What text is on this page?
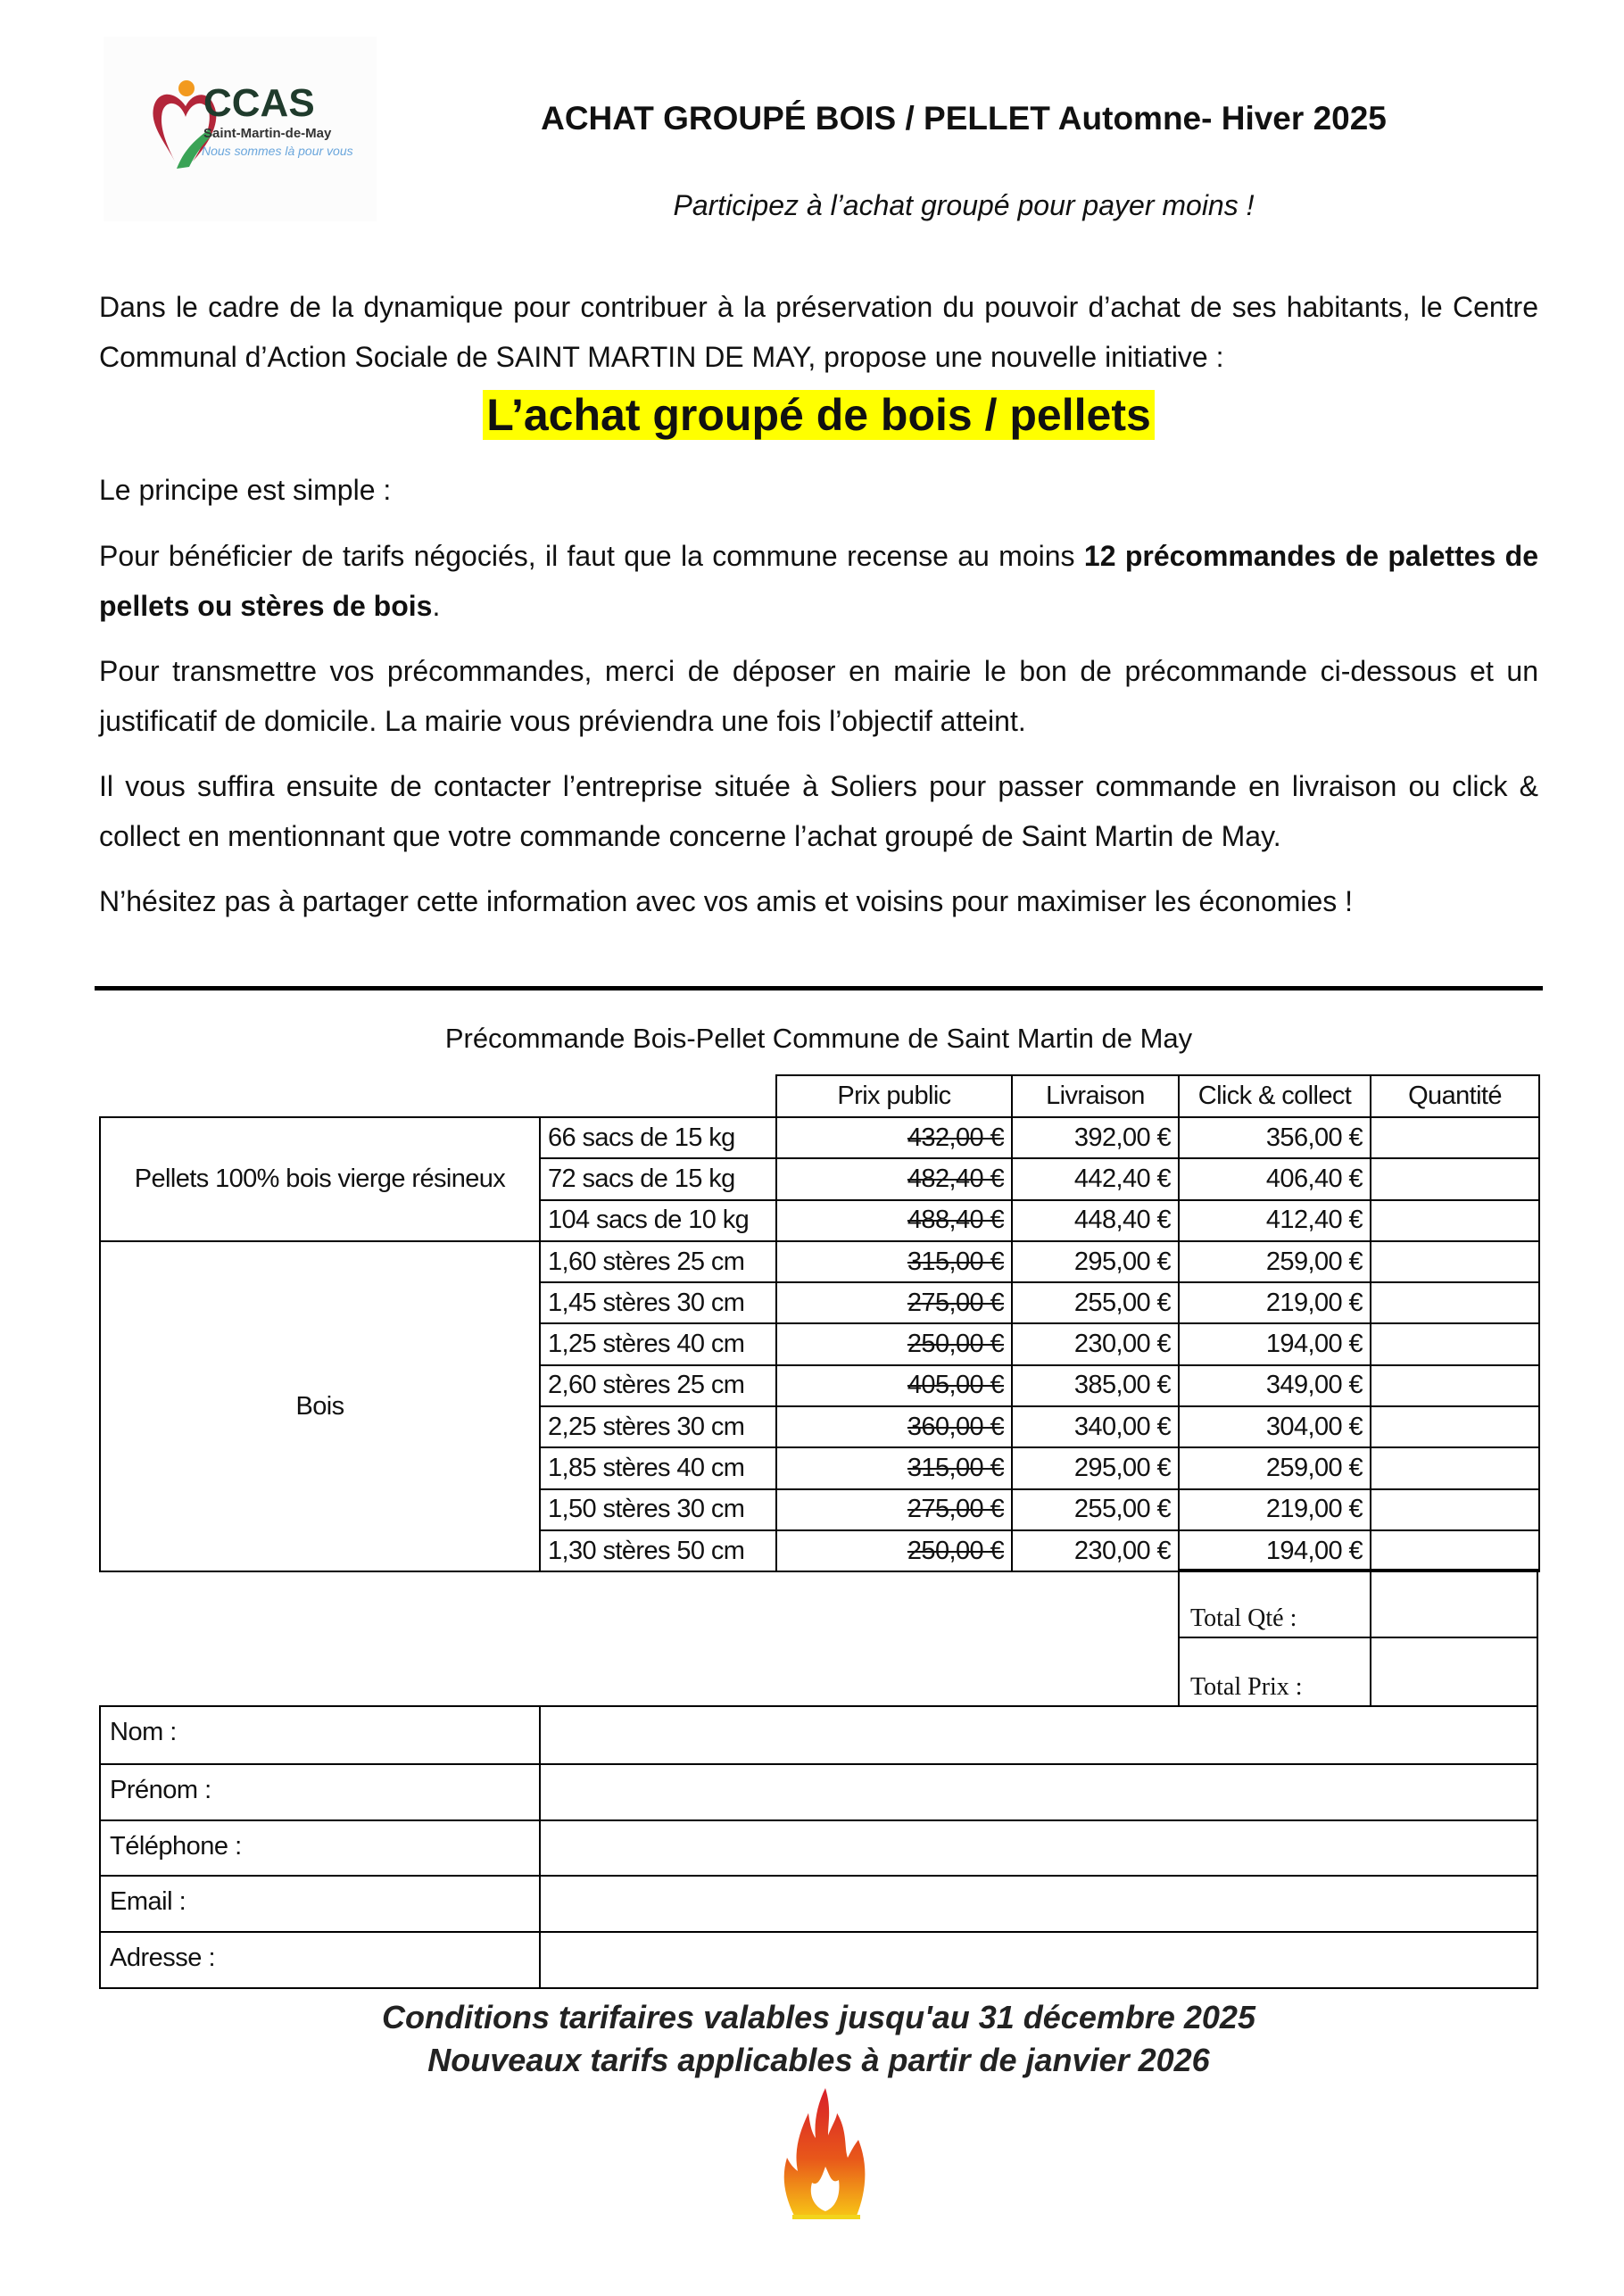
CCAS
Saint-Martin-de-May
Nous sommes là pour vous
ACHAT GROUPÉ BOIS / PELLET Automne- Hiver 2025
Participez à l’achat groupé pour payer moins !
Dans le cadre de la dynamique pour contribuer à la préservation du pouvoir d’achat de ses habitants, le Centre Communal d’Action Sociale de SAINT MARTIN DE MAY, propose une nouvelle initiative :
L’achat groupé de bois / pellets
Le principe est simple :
Pour bénéficier de tarifs négociés, il faut que la commune recense au moins 12 précommandes de palettes de pellets ou stères de bois.
Pour transmettre vos précommandes, merci de déposer en mairie le bon de précommande ci-dessous et un justificatif de domicile. La mairie vous préviendra une fois l’objectif atteint.
Il vous suffira ensuite de contacter l’entreprise située à Soliers pour passer commande en livraison ou click & collect en mentionnant que votre commande concerne l’achat groupé de Saint Martin de May.
N’hésitez pas à partager cette information avec vos amis et voisins pour maximiser les économies !
Précommande Bois-Pellet Commune de Saint Martin de May
		Prix public	Livraison	Click & collect	Quantité
Pellets 100% bois vierge résineux	66 sacs de 15 kg	432,00 €	392,00 €	356,00 €	
	72 sacs de 15 kg	482,40 €	442,40 €	406,40 €	
	104 sacs de 10 kg	488,40 €	448,40 €	412,40 €	
Bois	1,60 stères 25 cm	315,00 €	295,00 €	259,00 €	
	1,45 stères 30 cm	275,00 €	255,00 €	219,00 €	
	1,25 stères 40 cm	250,00 €	230,00 €	194,00 €	
	2,60 stères 25 cm	405,00 €	385,00 €	349,00 €	
	2,25 stères 30 cm	360,00 €	340,00 €	304,00 €	
	1,85 stères 40 cm	315,00 €	295,00 €	259,00 €	
	1,50 stères 30 cm	275,00 €	255,00 €	219,00 €	
	1,30 stères 50 cm	250,00 €	230,00 €	194,00 €	
Total Qté :
Total Prix :
Nom :
Prénom :
Téléphone :
Email :
Adresse :
Conditions tarifaires valables jusqu'au 31 décembre 2025
Nouveaux tarifs applicables à partir de janvier 2026
